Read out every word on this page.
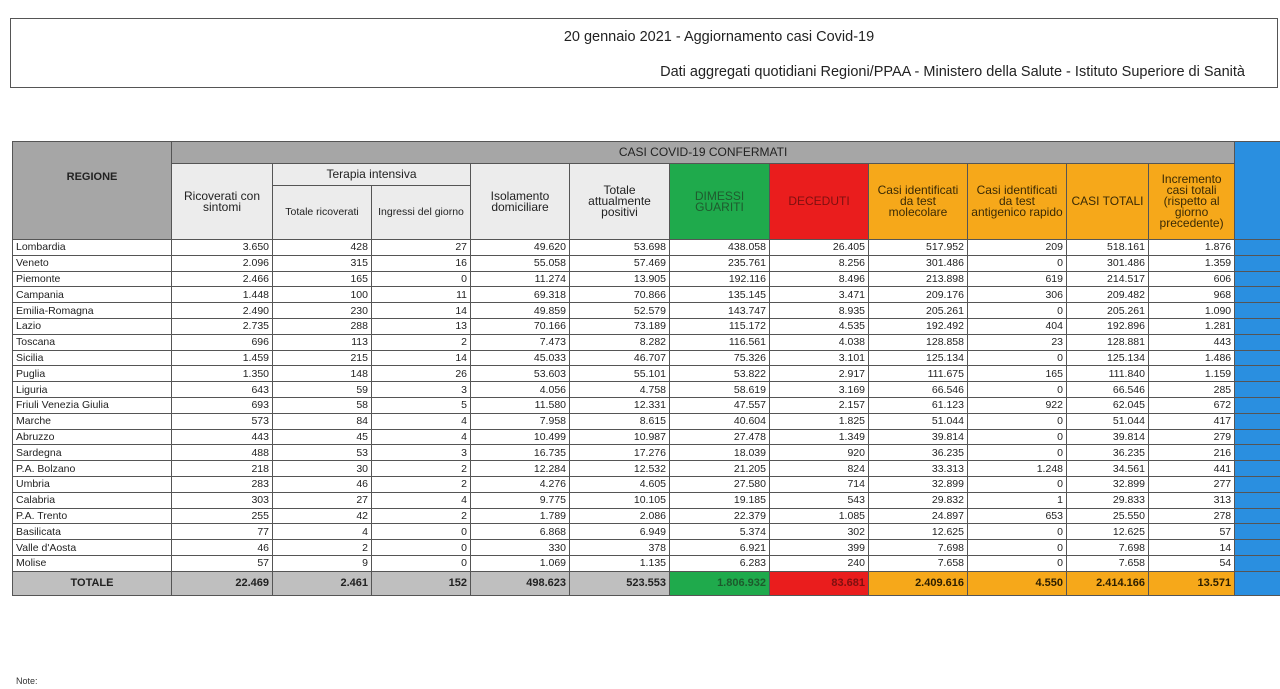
20 gennaio 2021 - Aggiornamento casi Covid-19
Dati aggregati quotidiani Regioni/PPAA - Ministero della Salute - Istituto Superiore di Sanità
REGIONE	CASI COVID-19 CONFERMATI											
	Ricoverati con sintomi	Terapia intensiva		Isolamento domiciliare	Totale attualmente positivi	DIMESSI GUARITI	DECEDUTI	Casi identificati da test molecolare	Casi identificati da test antigenico rapido	CASI TOTALI	Incremento casi totali (rispetto al giorno precedente)	
		Totale ricoverati	Ingressi del giorno									
Lombardia	3.650	428	27	49.620	53.698	438.058	26.405	517.952	209	518.161	1.876	
Veneto	2.096	315	16	55.058	57.469	235.761	8.256	301.486	0	301.486	1.359	
Piemonte	2.466	165	0	11.274	13.905	192.116	8.496	213.898	619	214.517	606	
Campania	1.448	100	11	69.318	70.866	135.145	3.471	209.176	306	209.482	968	
Emilia-Romagna	2.490	230	14	49.859	52.579	143.747	8.935	205.261	0	205.261	1.090	
Lazio	2.735	288	13	70.166	73.189	115.172	4.535	192.492	404	192.896	1.281	
Toscana	696	113	2	7.473	8.282	116.561	4.038	128.858	23	128.881	443	
Sicilia	1.459	215	14	45.033	46.707	75.326	3.101	125.134	0	125.134	1.486	
Puglia	1.350	148	26	53.603	55.101	53.822	2.917	111.675	165	111.840	1.159	
Liguria	643	59	3	4.056	4.758	58.619	3.169	66.546	0	66.546	285	
Friuli Venezia Giulia	693	58	5	11.580	12.331	47.557	2.157	61.123	922	62.045	672	
Marche	573	84	4	7.958	8.615	40.604	1.825	51.044	0	51.044	417	
Abruzzo	443	45	4	10.499	10.987	27.478	1.349	39.814	0	39.814	279	
Sardegna	488	53	3	16.735	17.276	18.039	920	36.235	0	36.235	216	
P.A. Bolzano	218	30	2	12.284	12.532	21.205	824	33.313	1.248	34.561	441	
Umbria	283	46	2	4.276	4.605	27.580	714	32.899	0	32.899	277	
Calabria	303	27	4	9.775	10.105	19.185	543	29.832	1	29.833	313	
P.A. Trento	255	42	2	1.789	2.086	22.379	1.085	24.897	653	25.550	278	
Basilicata	77	4	0	6.868	6.949	5.374	302	12.625	0	12.625	57	
Valle d'Aosta	46	2	0	330	378	6.921	399	7.698	0	7.698	14	
Molise	57	9	0	1.069	1.135	6.283	240	7.658	0	7.658	54	
TOTALE	22.469	2.461	152	498.623	523.553	1.806.932	83.681	2.409.616	4.550	2.414.166	13.571	
Note:
